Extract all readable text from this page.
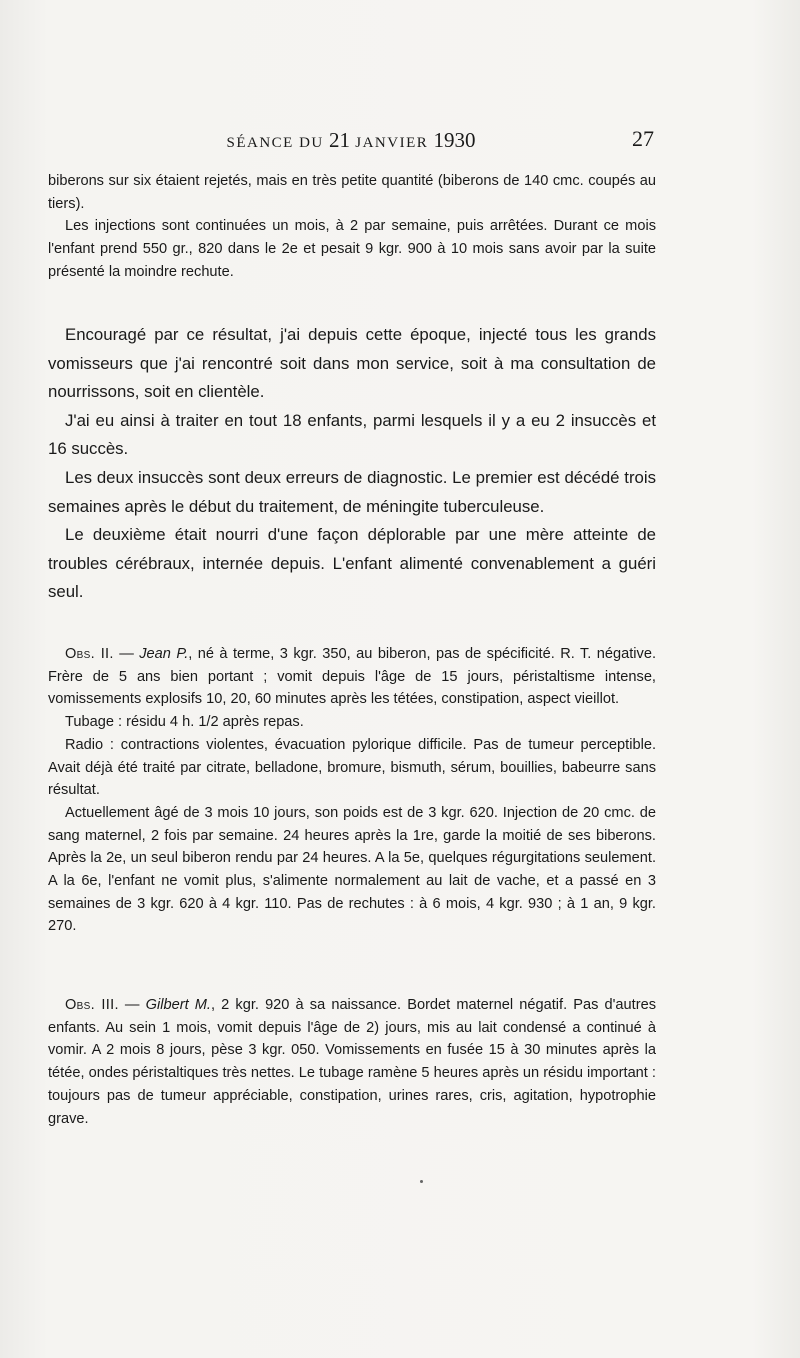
SÉANCE DU 21 JANVIER 1930	27

biberons sur six étaient rejetés, mais en très petite quantité (biberons de 140 cmc. coupés au tiers).

Les injections sont continuées un mois, à 2 par semaine, puis arrêtées. Durant ce mois l'enfant prend 550 gr., 820 dans le 2e et pesait 9 kgr. 900 à 10 mois sans avoir par la suite présenté la moindre rechute.

Encouragé par ce résultat, j'ai depuis cette époque, injecté tous les grands vomisseurs que j'ai rencontré soit dans mon service, soit à ma consultation de nourrissons, soit en clientèle.

J'ai eu ainsi à traiter en tout 18 enfants, parmi lesquels il y a eu 2 insuccès et 16 succès.

Les deux insuccès sont deux erreurs de diagnostic. Le premier est décédé trois semaines après le début du traitement, de méningite tuberculeuse.

Le deuxième était nourri d'une façon déplorable par une mère atteinte de troubles cérébraux, internée depuis. L'enfant alimenté convenablement a guéri seul.

Obs. II. — Jean P., né à terme, 3 kgr. 350, au biberon, pas de spécificité. R. T. négative. Frère de 5 ans bien portant ; vomit depuis l'âge de 15 jours, péristaltisme intense, vomissements explosifs 10, 20, 60 minutes après les tétées, constipation, aspect vieillot.

Tubage : résidu 4 h. 1/2 après repas.

Radio : contractions violentes, évacuation pylorique difficile. Pas de tumeur perceptible. Avait déjà été traité par citrate, belladone, bromure, bismuth, sérum, bouillies, babeurre sans résultat.

Actuellement âgé de 3 mois 10 jours, son poids est de 3 kgr. 620. Injection de 20 cmc. de sang maternel, 2 fois par semaine. 24 heures après la 1re, garde la moitié de ses biberons. Après la 2e, un seul biberon rendu par 24 heures. A la 5e, quelques régurgitations seulement. A la 6e, l'enfant ne vomit plus, s'alimente normalement au lait de vache, et a passé en 3 semaines de 3 kgr. 620 à 4 kgr. 110. Pas de rechutes : à 6 mois, 4 kgr. 930 ; à 1 an, 9 kgr. 270.

Obs. III. — Gilbert M., 2 kgr. 920 à sa naissance. Bordet maternel négatif. Pas d'autres enfants. Au sein 1 mois, vomit depuis l'âge de 2) jours, mis au lait condensé a continué à vomir. A 2 mois 8 jours, pèse 3 kgr. 050. Vomissements en fusée 15 à 30 minutes après la tétée, ondes péristaltiques très nettes. Le tubage ramène 5 heures après un résidu important : toujours pas de tumeur appréciable, constipation, urines rares, cris, agitation, hypotrophie grave.
